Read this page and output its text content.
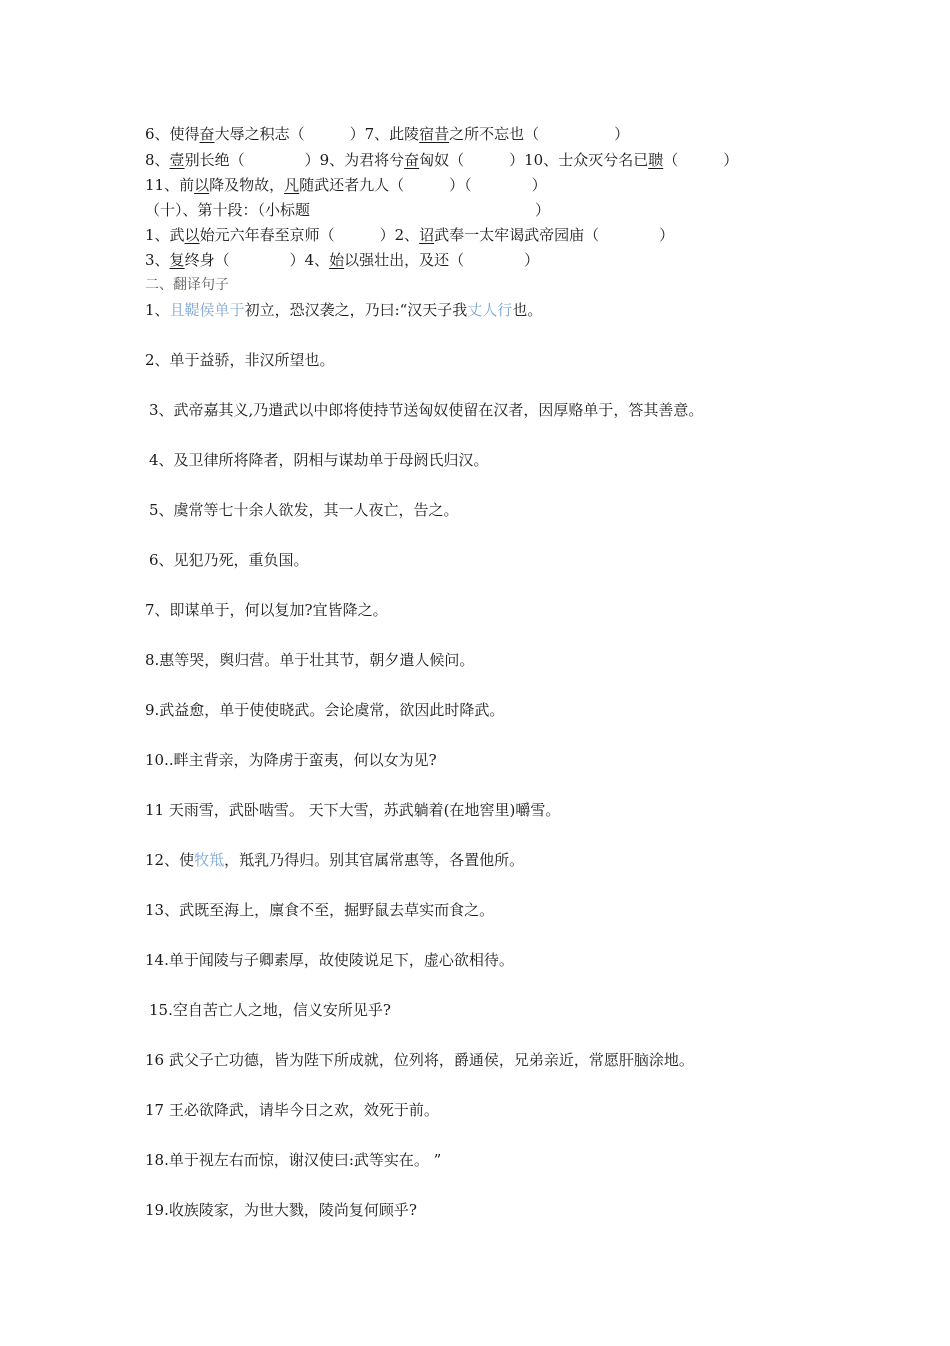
6、使得奋大辱之积志（　　　）7、此陵宿昔之所不忘也（　　　　　）
8、壹别长绝（　　　　）9、为君将兮奋匈奴（　　　）10、士众灭兮名已聩（　　　）
11、前以降及物故，凡随武还者九人（　　　）（　　　　）
（十）、第十段：（小标题　　　　　　　　　　　　　　　）
1、武以始元六年春至京师（　　　）2、诏武奉一太牢谒武帝园庙（　　　　）
3、复终身（　　　　）4、始以强壮出，及还（　　　　）
二、翻译句子
1、且鞮侯单于初立，恐汉袭之，乃曰:“汉天子我丈人行也。
2、单于益骄，非汉所望也。
3、武帝嘉其义,乃遣武以中郎将使持节送匈奴使留在汉者，因厚赂单于，答其善意。
4、及卫律所将降者，阴相与谋劫单于母阏氏归汉。
5、虞常等七十余人欲发，其一人夜亡，告之。
6、见犯乃死，重负国。
7、即谋单于，何以复加?宜皆降之。
8.惠等哭，舆归营。单于壮其节，朝夕遣人候问。
9.武益愈，单于使使晓武。会论虞常，欲因此时降武。
10..畔主背亲，为降虏于蛮夷，何以女为见?
11 天雨雪，武卧啮雪。 天下大雪，苏武躺着(在地窖里)嚼雪。
12、使牧羝，羝乳乃得归。别其官属常惠等，各置他所。
13、武既至海上，廪食不至，掘野鼠去草实而食之。
14.单于闻陵与子卿素厚，故使陵说足下，虚心欲相待。
15.空自苦亡人之地，信义安所见乎?
16 武父子亡功德，皆为陛下所成就，位列将，爵通侯，兄弟亲近，常愿肝脑涂地。
17 王必欲降武，请毕今日之欢，效死于前。
18.单于视左右而惊，谢汉使曰:武等实在。 ”
19.收族陵家，为世大戮，陵尚复何顾乎?
